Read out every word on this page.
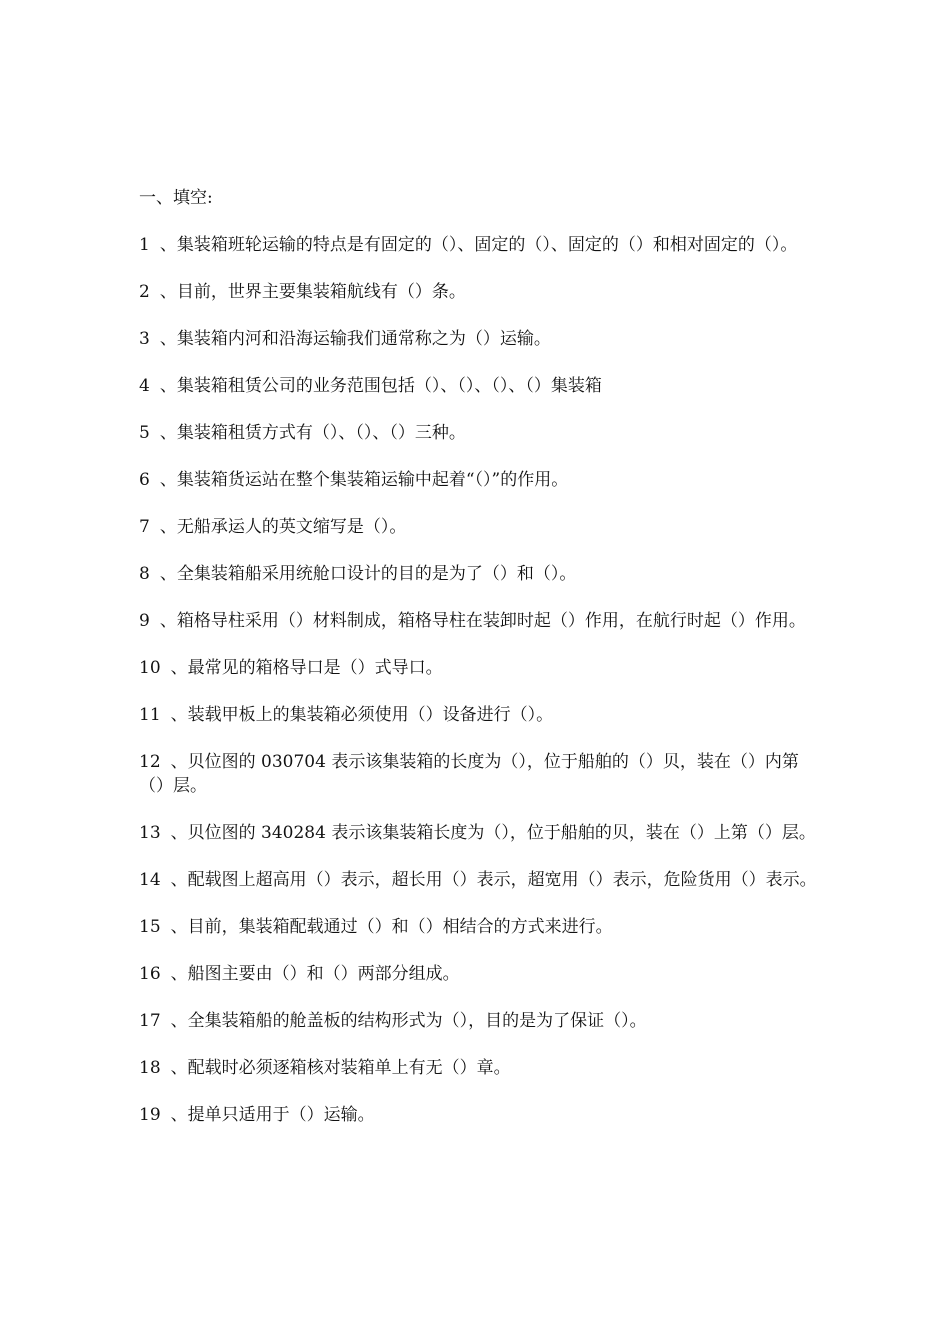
一、填空:

1 、集装箱班轮运输的特点是有固定的（）、固定的（）、固定的（）和相对固定的（）。

2 、目前，世界主要集装箱航线有（）条。

3 、集装箱内河和沿海运输我们通常称之为（）运输。

4 、集装箱租赁公司的业务范围包括（）、（）、（）、（）集装箱

5 、集装箱租赁方式有（）、（）、（）三种。

6 、集装箱货运站在整个集装箱运输中起着“（）”的作用。

7 、无船承运人的英文缩写是（）。

8 、全集装箱船采用统舱口设计的目的是为了（）和（）。

9 、箱格导柱采用（）材料制成，箱格导柱在装卸时起（）作用，在航行时起（）作用。

10 、最常见的箱格导口是（）式导口。

11 、装载甲板上的集装箱必须使用（）设备进行（）。

12 、贝位图的 030704 表示该集装箱的长度为（），位于船舶的（）贝，装在（）内第（）层。

13 、贝位图的 340284 表示该集装箱长度为（），位于船舶的贝，装在（）上第（）层。

14 、配载图上超高用（）表示，超长用（）表示，超宽用（）表示，危险货用（）表示。

15 、目前，集装箱配载通过（）和（）相结合的方式来进行。

16 、船图主要由（）和（）两部分组成。

17 、全集装箱船的舱盖板的结构形式为（），目的是为了保证（）。

18 、配载时必须逐箱核对装箱单上有无（）章。

19 、提单只适用于（）运输。
